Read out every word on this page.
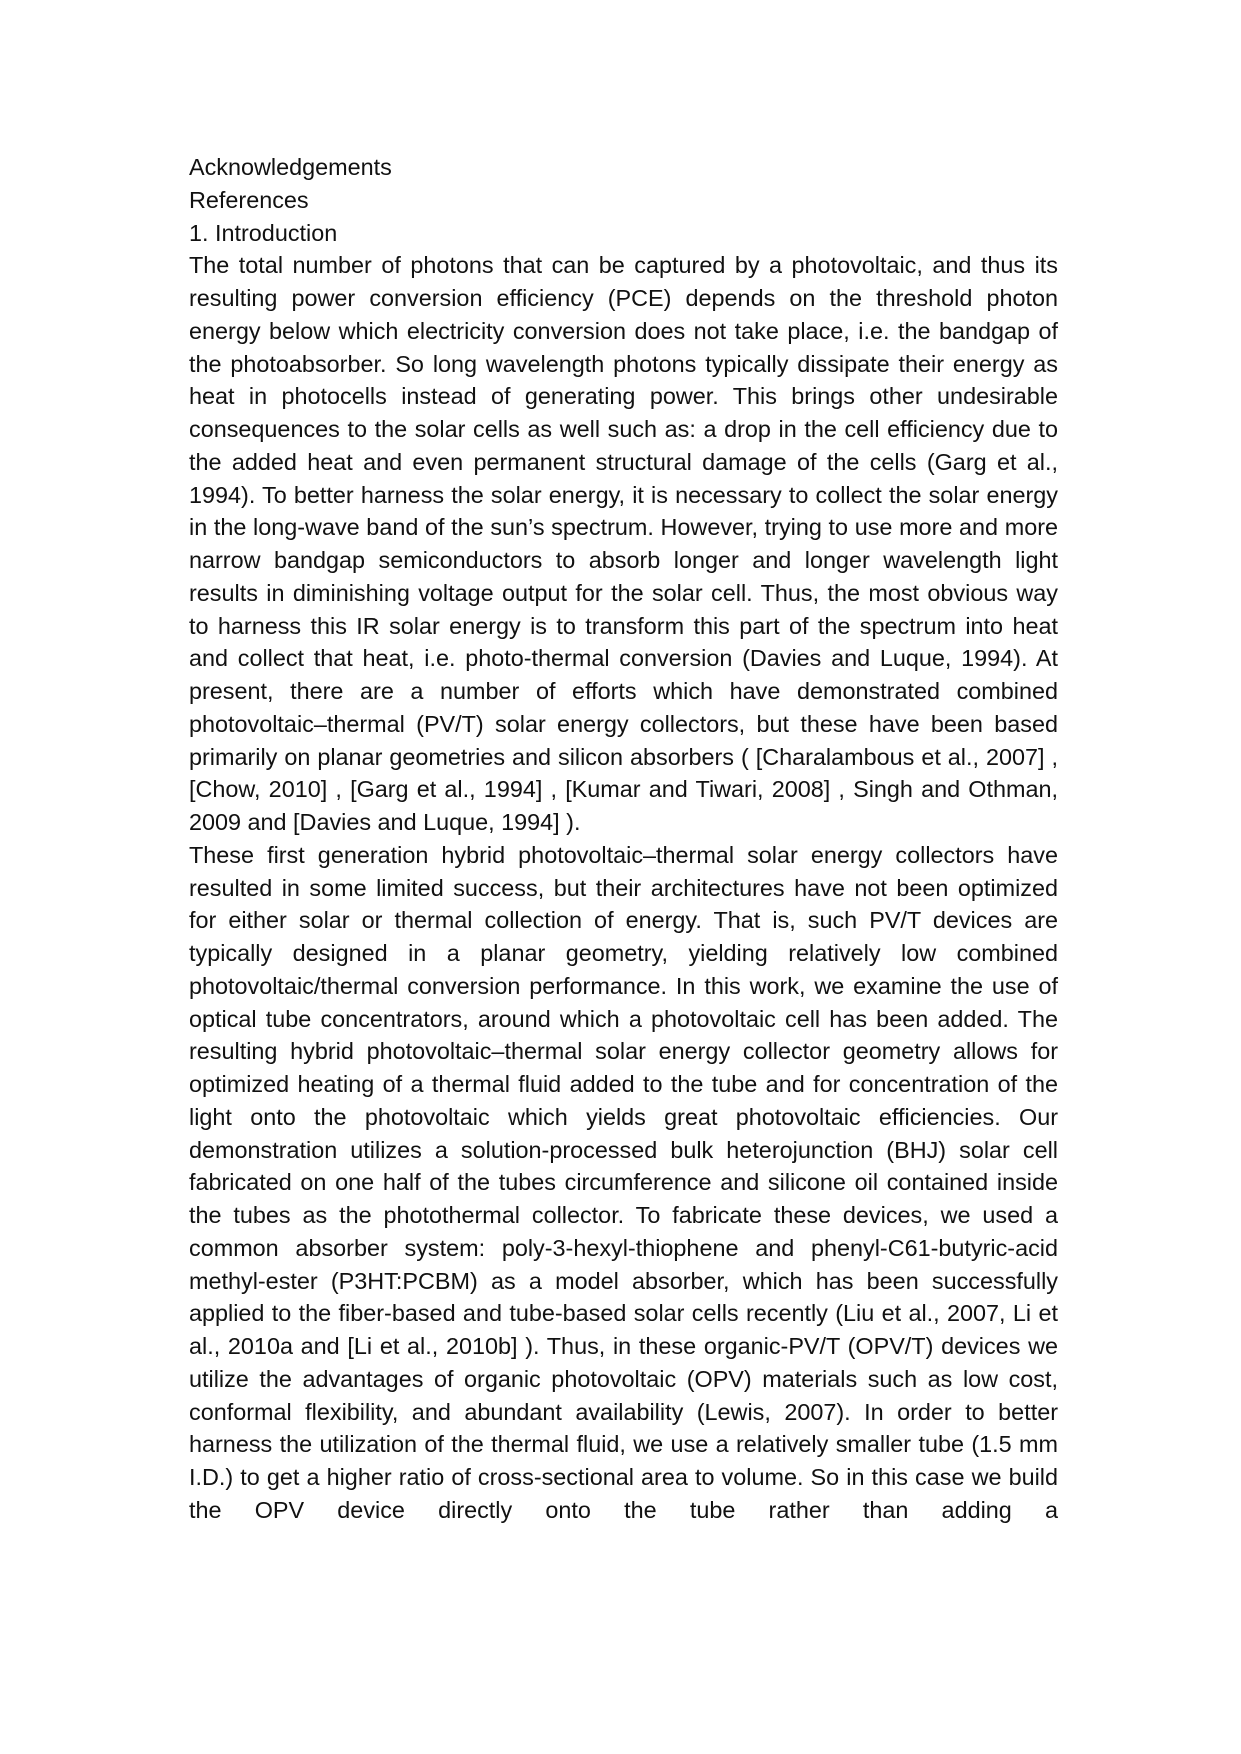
Acknowledgements

References

1. Introduction

The total number of photons that can be captured by a photovoltaic, and thus its resulting power conversion efficiency (PCE) depends on the threshold photon energy below which electricity conversion does not take place, i.e. the bandgap of the photoabsorber. So long wavelength photons typically dissipate their energy as heat in photocells instead of generating power. This brings other undesirable consequences to the solar cells as well such as: a drop in the cell efficiency due to the added heat and even permanent structural damage of the cells (Garg et al., 1994). To better harness the solar energy, it is necessary to collect the solar energy in the long-wave band of the sun’s spectrum. However, trying to use more and more narrow bandgap semiconductors to absorb longer and longer wavelength light results in diminishing voltage output for the solar cell. Thus, the most obvious way to harness this IR solar energy is to transform this part of the spectrum into heat and collect that heat, i.e. photo-thermal conversion (Davies and Luque, 1994). At present, there are a number of efforts which have demonstrated combined photovoltaic–thermal (PV/T) solar energy collectors, but these have been based primarily on planar geometries and silicon absorbers ( [Charalambous et al., 2007] , [Chow, 2010] , [Garg et al., 1994] , [Kumar and Tiwari, 2008] , Singh and Othman, 2009 and [Davies and Luque, 1994] ).

These first generation hybrid photovoltaic–thermal solar energy collectors have resulted in some limited success, but their architectures have not been optimized for either solar or thermal collection of energy. That is, such PV/T devices are typically designed in a planar geometry, yielding relatively low combined photovoltaic/thermal conversion performance. In this work, we examine the use of optical tube concentrators, around which a photovoltaic cell has been added. The resulting hybrid photovoltaic–thermal solar energy collector geometry allows for optimized heating of a thermal fluid added to the tube and for concentration of the light onto the photovoltaic which yields great photovoltaic efficiencies. Our demonstration utilizes a solution-processed bulk heterojunction (BHJ) solar cell fabricated on one half of the tubes circumference and silicone oil contained inside the tubes as the photothermal collector. To fabricate these devices, we used a common absorber system: poly-3-hexyl-thiophene and phenyl-C61-butyric-acid methyl-ester (P3HT:PCBM) as a model absorber, which has been successfully applied to the fiber-based and tube-based solar cells recently (Liu et al., 2007, Li et al., 2010a and [Li et al., 2010b] ). Thus, in these organic-PV/T (OPV/T) devices we utilize the advantages of organic photovoltaic (OPV) materials such as low cost, conformal flexibility, and abundant availability (Lewis, 2007). In order to better harness the utilization of the thermal fluid, we use a relatively smaller tube (1.5 mm I.D.) to get a higher ratio of cross-sectional area to volume. So in this case we build the OPV device directly onto the tube rather than adding a
